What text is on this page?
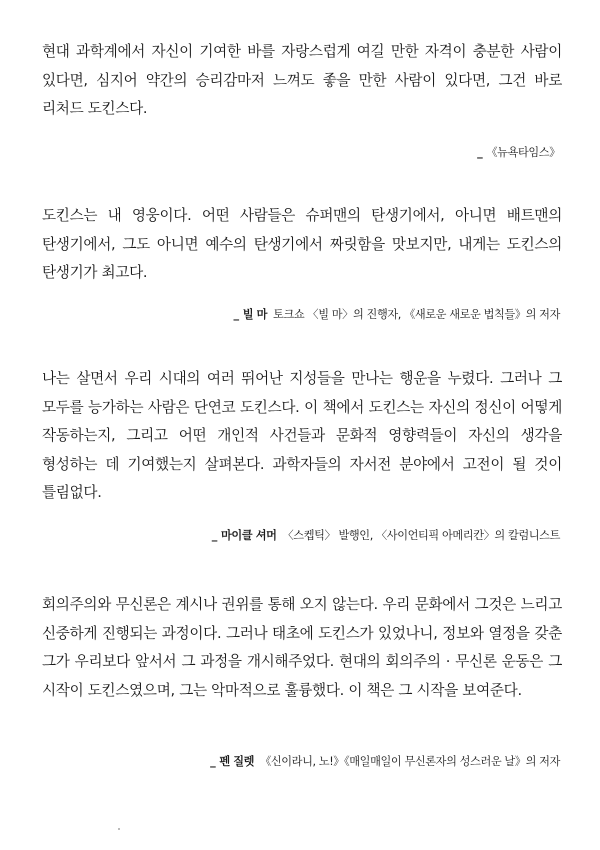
현대 과학계에서 자신이 기여한 바를 자랑스럽게 여길 만한 자격이 충분한 사람이 있다면, 심지어 약간의 승리감마저 느껴도 좋을 만한 사람이 있다면, 그건 바로 리처드 도킨스다.

_ 《뉴욕타임스》

도킨스는 내 영웅이다. 어떤 사람들은 슈퍼맨의 탄생기에서, 아니면 배트맨의 탄생기에서, 그도 아니면 예수의 탄생기에서 짜릿함을 맛보지만, 내게는 도킨스의 탄생기가 최고다.

_ 빌 마 토크쇼 〈빌 마〉의 진행자, 《새로운 새로운 법칙들》의 저자

나는 살면서 우리 시대의 여러 뛰어난 지성들을 만나는 행운을 누렸다. 그러나 그 모두를 능가하는 사람은 단연코 도킨스다. 이 책에서 도킨스는 자신의 정신이 어떻게 작동하는지, 그리고 어떤 개인적 사건들과 문화적 영향력들이 자신의 생각을 형성하는 데 기여했는지 살펴본다. 과학자들의 자서전 분야에서 고전이 될 것이 틀림없다.

_ 마이클 셔머 〈스켑틱〉 발행인, 〈사이언티픽 아메리칸〉의 칼럼니스트

회의주의와 무신론은 계시나 권위를 통해 오지 않는다. 우리 문화에서 그것은 느리고 신중하게 진행되는 과정이다. 그러나 태초에 도킨스가 있었나니, 정보와 열정을 갖춘 그가 우리보다 앞서서 그 과정을 개시해주었다. 현대의 회의주의 · 무신론 운동은 그 시작이 도킨스였으며, 그는 악마적으로 훌륭했다. 이 책은 그 시작을 보여준다.

_ 펜 질렛 《신이라니, 노!》《매일매일이 무신론자의 성스러운 날》의 저자
